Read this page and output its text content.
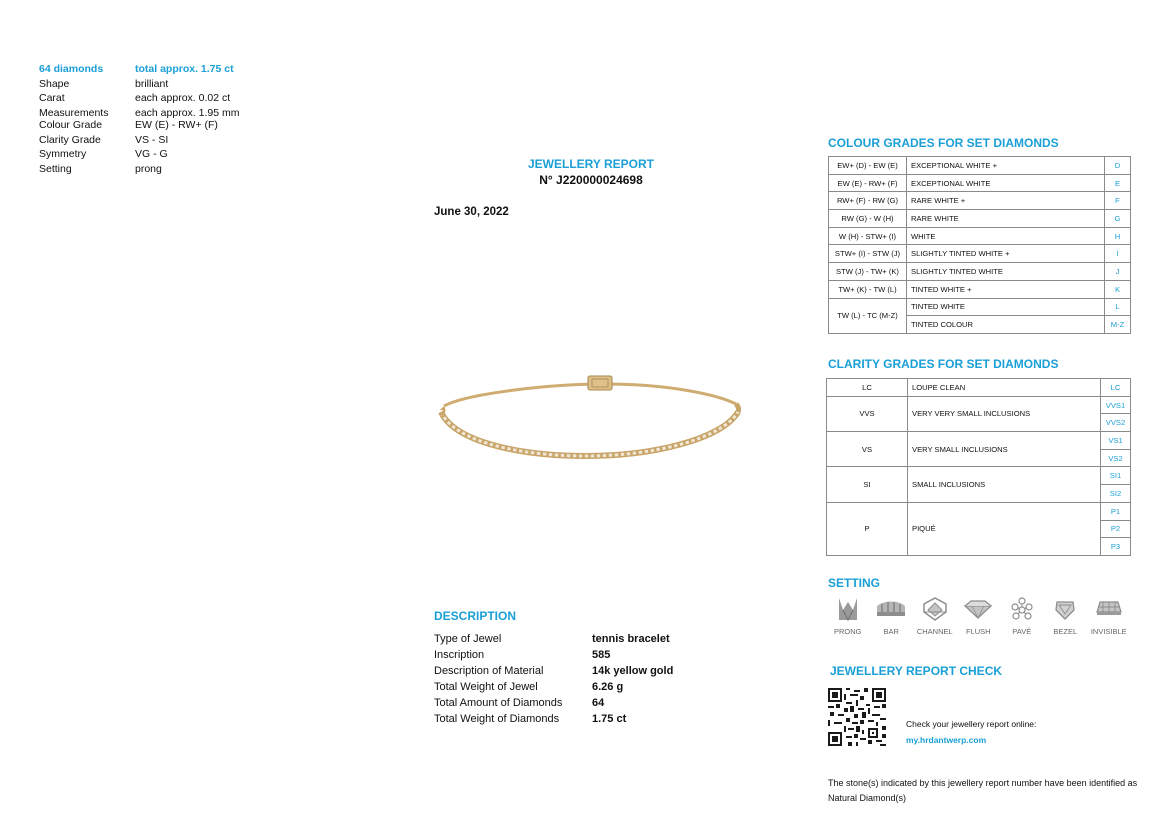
64 diamonds	total approx. 1.75 ct
Shape	brilliant
Carat	each approx. 0.02 ct
Measurements	each approx. 1.95 mm
Colour Grade	EW (E) - RW+ (F)
Clarity Grade	VS - SI
Symmetry	VG - G
Setting	prong	JEWELLERY REPORT
N° J220000024698
June 30, 2022
DESCRIPTION
Type of Jewel	tennis bracelet
Inscription	585
Description of Material	14k yellow gold
Total Weight of Jewel	6.26 g
Total Amount of Diamonds	64
Total Weight of Diamonds	1.75 ct
COLOUR GRADES FOR SET DIAMONDS
EW+ (D) - EW (E)	EXCEPTIONAL WHITE +	D
EW (E) - RW+ (F)	EXCEPTIONAL WHITE	E
RW+ (F) - RW (G)	RARE WHITE +	F
RW (G) - W (H)	RARE WHITE	G
W (H) - STW+ (I)	WHITE	H
STW+ (I) - STW (J)	SLIGHTLY TINTED WHITE +	I
STW (J) - TW+ (K)	SLIGHTLY TINTED WHITE	J
TW+ (K) - TW (L)	TINTED WHITE +	K
TW (L) - TC (M-Z)	TINTED WHITE	L
	TINTED COLOUR	M-Z
CLARITY GRADES FOR SET DIAMONDS
LC	LOUPE CLEAN	LC
VVS	VERY VERY SMALL INCLUSIONS	VVS1
		VVS2
VS	VERY SMALL INCLUSIONS	VS1
		VS2
SI	SMALL INCLUSIONS	SI1
		SI2
P	PIQUÉ	P1
		P2
		P3
SETTING
PRONG	BAR CHANNEL FLUSH	PAVÉ	BEZEL INVISIBLE
JEWELLERY REPORT CHECK
Check your jewellery report online:
my.hrdantwerp.com
The stone(s) indicated by this jewellery report number have been identified as Natural Diamond(s)
